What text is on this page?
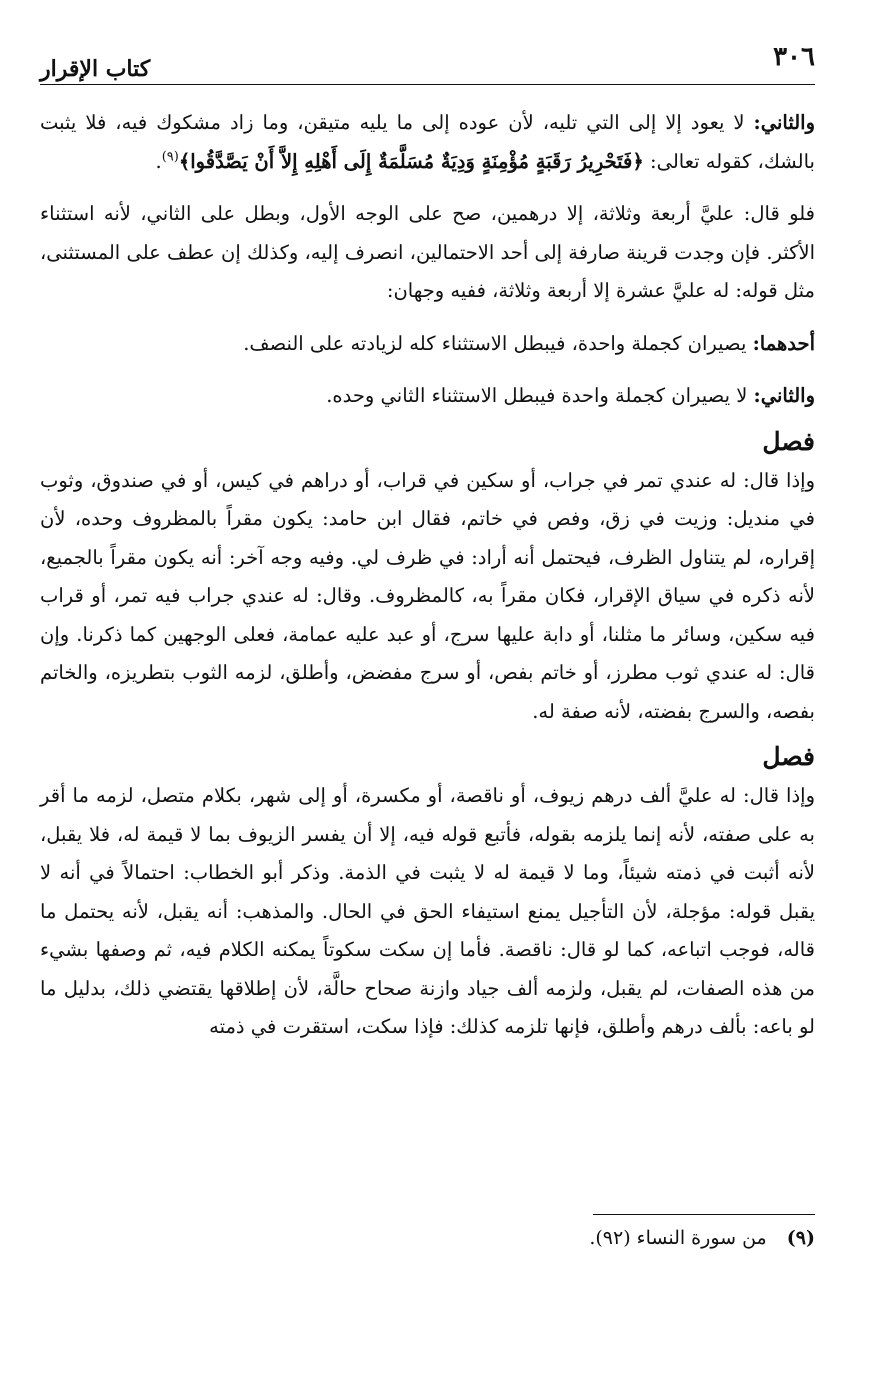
٣٠٦
كتاب الإقرار

والثاني: لا يعود إلا إلى التي تليه، لأن عوده إلى ما يليه متيقن، وما زاد مشكوك فيه، فلا يثبت بالشك، كقوله تعالى: ﴿فَتَحْرِيرُ رَقَبَةٍ مُؤْمِنَةٍ وَدِيَةٌ مُسَلَّمَةٌ إِلَى أَهْلِهِ إِلاَّ أَنْ يَصَّدَّقُوا﴾$^{(٩)}$.

فلو قال: عليَّ أربعة وثلاثة، إلا درهمين، صح على الوجه الأول، وبطل على الثاني، لأنه استثناء الأكثر. فإن وجدت قرينة صارفة إلى أحد الاحتمالين، انصرف إليه، وكذلك إن عطف على المستثنى، مثل قوله: له عليَّ عشرة إلا أربعة وثلاثة، ففيه وجهان:

أحدهما: يصيران كجملة واحدة، فيبطل الاستثناء كله لزيادته على النصف.

والثاني: لا يصيران كجملة واحدة فيبطل الاستثناء الثاني وحده.

فصل

وإذا قال: له عندي تمر في جراب، أو سكين في قراب، أو دراهم في كيس، أو في صندوق، وثوب في منديل: وزيت في زق، وفص في خاتم، فقال ابن حامد: يكون مقراً بالمظروف وحده، لأن إقراره، لم يتناول الظرف، فيحتمل أنه أراد: في ظرف لي. وفيه وجه آخر: أنه يكون مقراً بالجميع، لأنه ذكره في سياق الإقرار، فكان مقراً به، كالمظروف. وقال: له عندي جراب فيه تمر، أو قراب فيه سكين، وسائر ما مثلنا، أو دابة عليها سرج، أو عبد عليه عمامة، فعلى الوجهين كما ذكرنا. وإن قال: له عندي ثوب مطرز، أو خاتم بفص، أو سرج مفضض، وأطلق، لزمه الثوب بتطريزه، والخاتم بفصه، والسرج بفضته، لأنه صفة له.

فصل

وإذا قال: له عليَّ ألف درهم زيوف، أو ناقصة، أو مكسرة، أو إلى شهر، بكلام متصل، لزمه ما أقر به على صفته، لأنه إنما يلزمه بقوله، فأتبع قوله فيه، إلا أن يفسر الزيوف بما لا قيمة له، فلا يقبل، لأنه أثبت في ذمته شيئاً، وما لا قيمة له لا يثبت في الذمة. وذكر أبو الخطاب: احتمالاً في أنه لا يقبل قوله: مؤجلة، لأن التأجيل يمنع استيفاء الحق في الحال. والمذهب: أنه يقبل، لأنه يحتمل ما قاله، فوجب اتباعه، كما لو قال: ناقصة. فأما إن سكت سكوتاً يمكنه الكلام فيه، ثم وصفها بشيء من هذه الصفات، لم يقبل، ولزمه ألف جياد وازنة صحاح حالَّة، لأن إطلاقها يقتضي ذلك، بدليل ما لو باعه: بألف درهم وأطلق، فإنها تلزمه كذلك: فإذا سكت، استقرت في ذمته

(٩) من سورة النساء (٩٢).
